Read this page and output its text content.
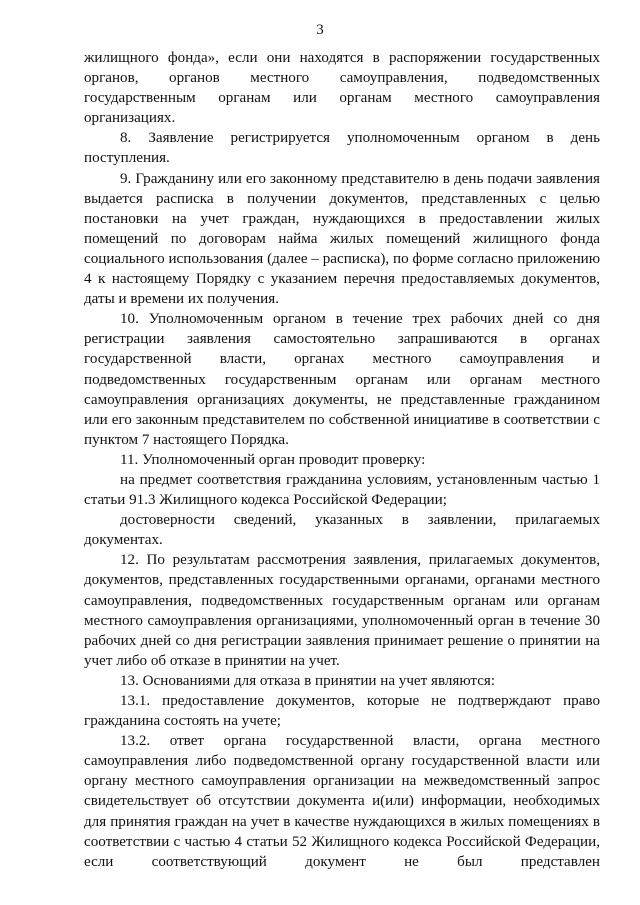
3

жилищного фонда», если они находятся в распоряжении государственных органов, органов местного самоуправления, подведомственных государственным органам или органам местного самоуправления организациях.

8. Заявление регистрируется уполномоченным органом в день поступления.

9. Гражданину или его законному представителю в день подачи заявления выдается расписка в получении документов, представленных с целью постановки на учет граждан, нуждающихся в предоставлении жилых помещений по договорам найма жилых помещений жилищного фонда социального использования (далее – расписка), по форме согласно приложению 4 к настоящему Порядку с указанием перечня предоставляемых документов, даты и времени их получения.

10. Уполномоченным органом в течение трех рабочих дней со дня регистрации заявления самостоятельно запрашиваются в органах государственной власти, органах местного самоуправления и подведомственных государственным органам или органам местного самоуправления организациях документы, не представленные гражданином или его законным представителем по собственной инициативе в соответствии с пунктом 7 настоящего Порядка.

11. Уполномоченный орган проводит проверку:

на предмет соответствия гражданина условиям, установленным частью 1 статьи 91.3 Жилищного кодекса Российской Федерации;

достоверности сведений, указанных в заявлении, прилагаемых документах.

12. По результатам рассмотрения заявления, прилагаемых документов, документов, представленных государственными органами, органами местного самоуправления, подведомственных государственным органам или органам местного самоуправления организациями, уполномоченный орган в течение 30 рабочих дней со дня регистрации заявления принимает решение о принятии на учет либо об отказе в принятии на учет.

13. Основаниями для отказа в принятии на учет являются:

13.1. предоставление документов, которые не подтверждают право гражданина состоять на учете;

13.2. ответ органа государственной власти, органа местного самоуправления либо подведомственной органу государственной власти или органу местного самоуправления организации на межведомственный запрос свидетельствует об отсутствии документа и(или) информации, необходимых для принятия граждан на учет в качестве нуждающихся в жилых помещениях в соответствии с частью 4 статьи 52 Жилищного кодекса Российской Федерации, если соответствующий документ не был представлен
